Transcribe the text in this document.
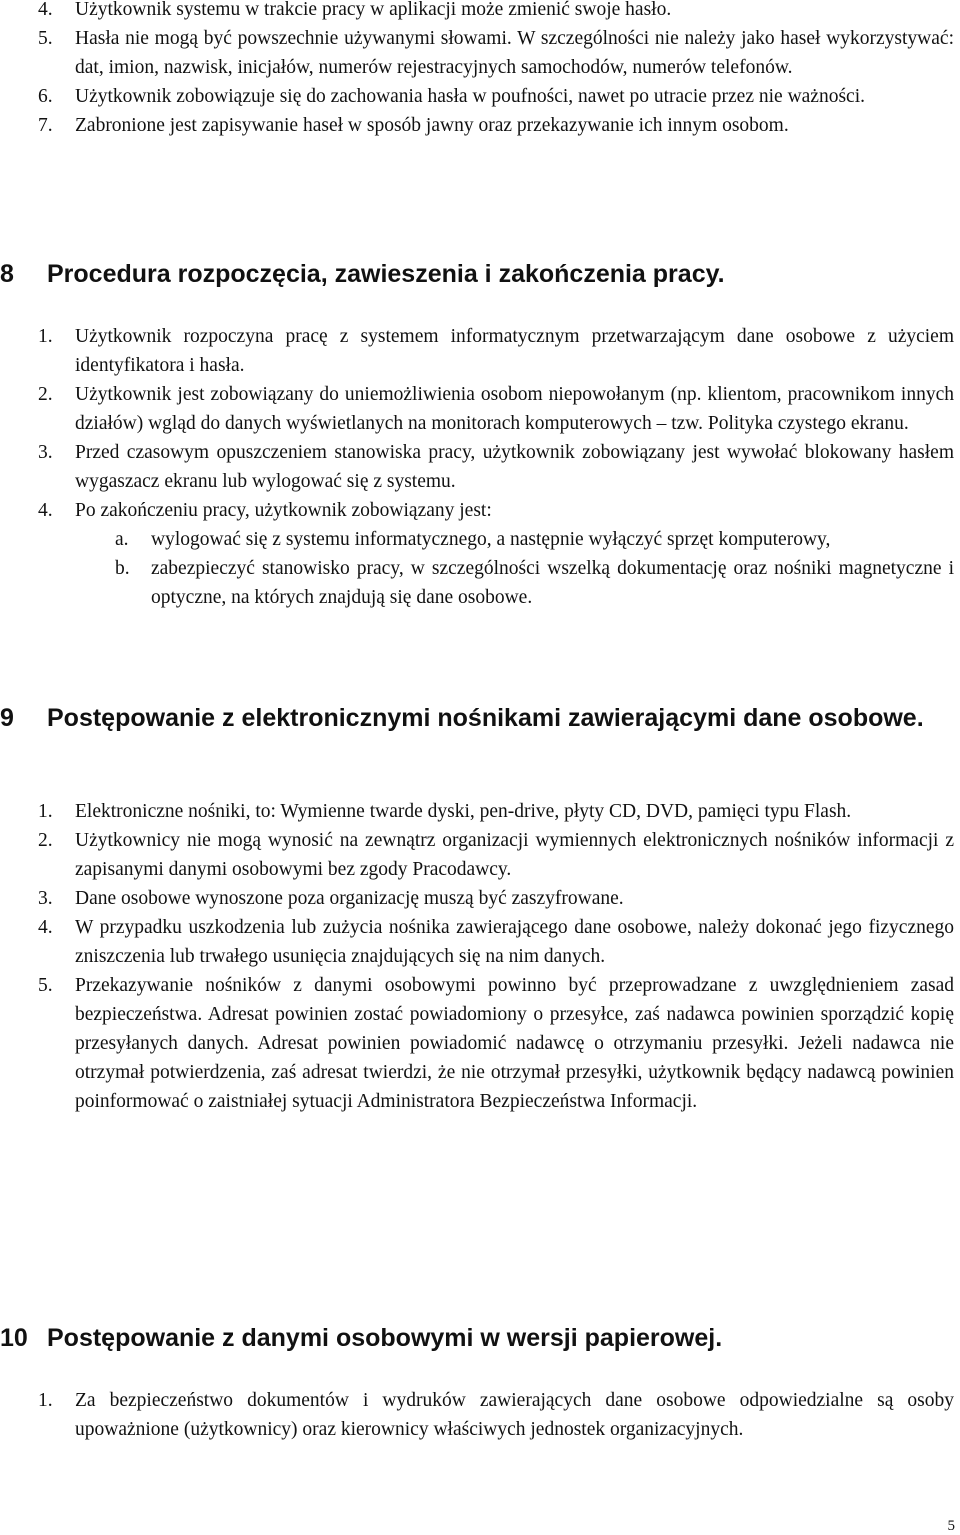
4. Użytkownik systemu w trakcie pracy w aplikacji może zmienić swoje hasło.
5. Hasła nie mogą być powszechnie używanymi słowami. W szczególności nie należy jako haseł wykorzystywać: dat, imion, nazwisk, inicjałów, numerów rejestracyjnych samochodów, numerów telefonów.
6. Użytkownik zobowiązuje się do zachowania hasła w poufności, nawet po utracie przez nie ważności.
7. Zabronione jest zapisywanie haseł w sposób jawny oraz przekazywanie ich innym osobom.
8 Procedura rozpoczęcia, zawieszenia i zakończenia pracy.
1. Użytkownik rozpoczyna pracę z systemem informatycznym przetwarzającym dane osobowe z użyciem identyfikatora i hasła.
2. Użytkownik jest zobowiązany do uniemożliwienia osobom niepowołanym (np. klientom, pracownikom innych działów) wgląd do danych wyświetlanych na monitorach komputerowych – tzw. Polityka czystego ekranu.
3. Przed czasowym opuszczeniem stanowiska pracy, użytkownik zobowiązany jest wywołać blokowany hasłem wygaszacz ekranu lub wylogować się z systemu.
4. Po zakończeniu pracy, użytkownik zobowiązany jest:
a. wylogować się z systemu informatycznego, a następnie wyłączyć sprzęt komputerowy,
b. zabezpieczyć stanowisko pracy, w szczególności wszelką dokumentację oraz nośniki magnetyczne i optyczne, na których znajdują się dane osobowe.
9 Postępowanie z elektronicznymi nośnikami zawierającymi dane osobowe.
1. Elektroniczne nośniki, to: Wymienne twarde dyski, pen-drive, płyty CD, DVD, pamięci typu Flash.
2. Użytkownicy nie mogą wynosić na zewnątrz organizacji wymiennych elektronicznych nośników informacji z zapisanymi danymi osobowymi bez zgody Pracodawcy.
3. Dane osobowe wynoszone poza organizację muszą być zaszyfrowane.
4. W przypadku uszkodzenia lub zużycia nośnika zawierającego dane osobowe, należy dokonać jego fizycznego zniszczenia lub trwałego usunięcia znajdujących się na nim danych.
5. Przekazywanie nośników z danymi osobowymi powinno być przeprowadzane z uwzględnieniem zasad bezpieczeństwa. Adresat powinien zostać powiadomiony o przesyłce, zaś nadawca powinien sporządzić kopię przesyłanych danych. Adresat powinien powiadomić nadawcę o otrzymaniu przesyłki. Jeżeli nadawca nie otrzymał potwierdzenia, zaś adresat twierdzi, że nie otrzymał przesyłki, użytkownik będący nadawcą powinien poinformować o zaistniałej sytuacji Administratora Bezpieczeństwa Informacji.
10 Postępowanie z danymi osobowymi w wersji papierowej.
1. Za bezpieczeństwo dokumentów i wydruków zawierających dane osobowe odpowiedzialne są osoby upoważnione (użytkownicy) oraz kierownicy właściwych jednostek organizacyjnych.
5
